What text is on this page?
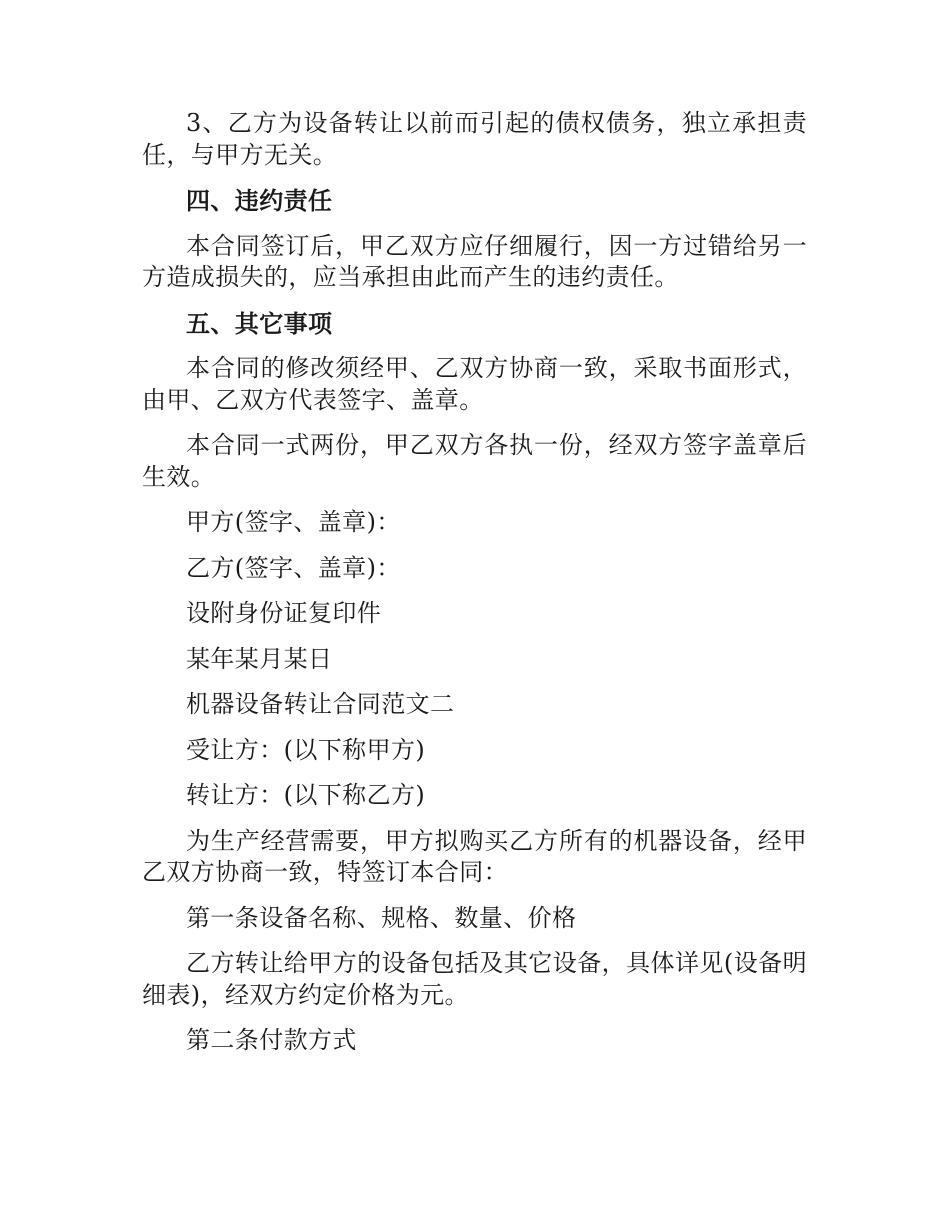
3、乙方为设备转让以前而引起的债权债务，独立承担责任，与甲方无关。

四、违约责任

本合同签订后，甲乙双方应仔细履行，因一方过错给另一方造成损失的，应当承担由此而产生的违约责任。

五、其它事项

本合同的修改须经甲、乙双方协商一致，采取书面形式，由甲、乙双方代表签字、盖章。

本合同一式两份，甲乙双方各执一份，经双方签字盖章后生效。

甲方(签字、盖章)：

乙方(签字、盖章)：

设附身份证复印件

某年某月某日

机器设备转让合同范文二

受让方：(以下称甲方)

转让方：(以下称乙方)

为生产经营需要，甲方拟购买乙方所有的机器设备，经甲乙双方协商一致，特签订本合同：

第一条设备名称、规格、数量、价格

乙方转让给甲方的设备包括及其它设备，具体详见(设备明细表)，经双方约定价格为元。

第二条付款方式
